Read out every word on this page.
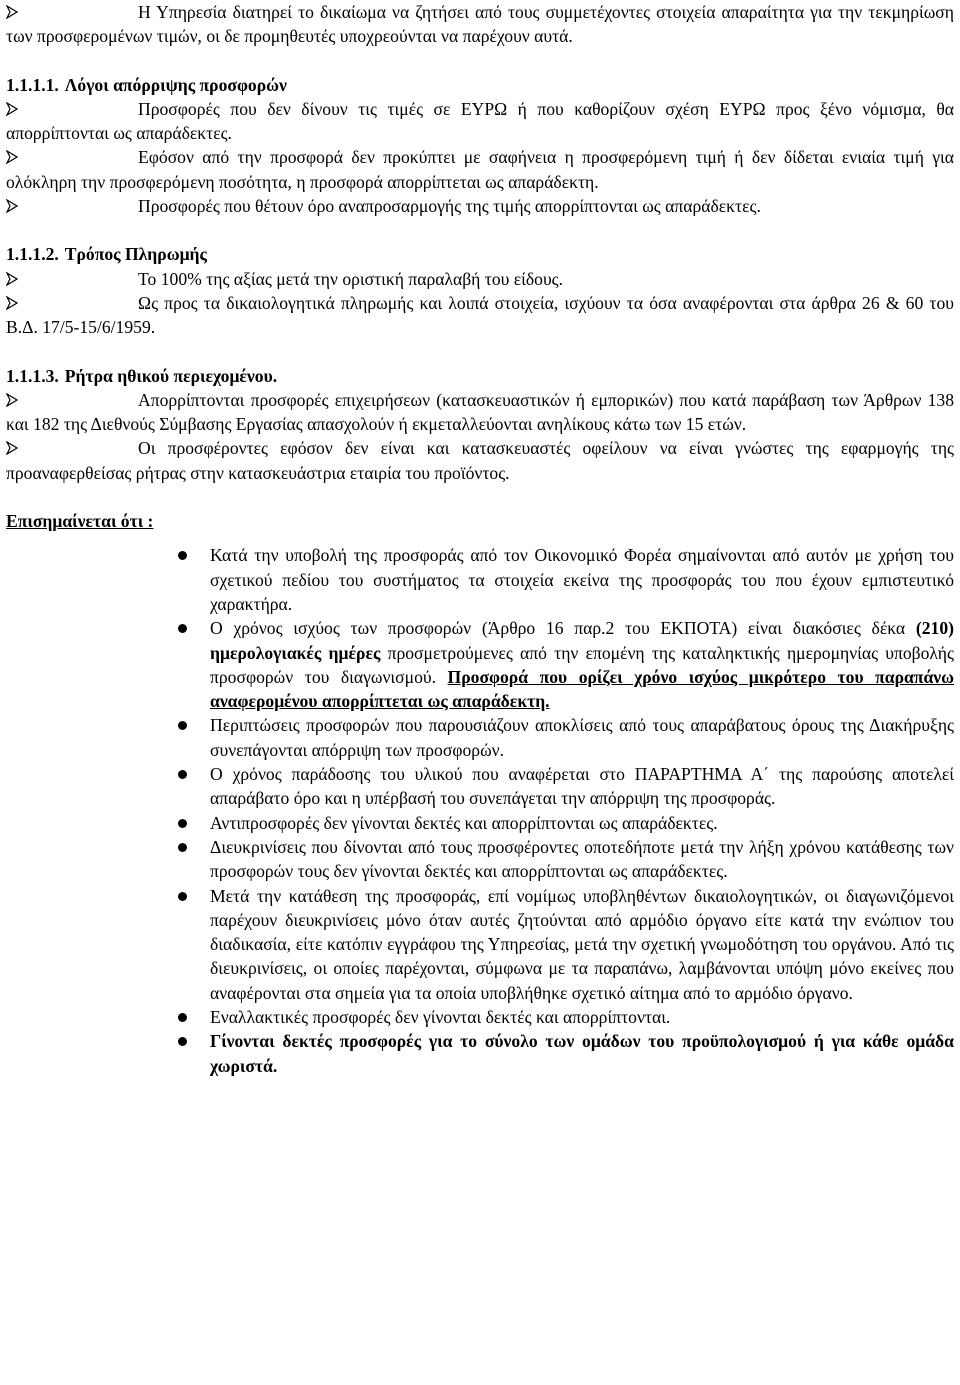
Η Υπηρεσία διατηρεί το δικαίωμα να ζητήσει από τους συμμετέχοντες στοιχεία απαραίτητα για την τεκμηρίωση των προσφερομένων τιμών, οι δε προμηθευτές υποχρεούνται να παρέχουν αυτά.
1.1.1.1. Λόγοι απόρριψης προσφορών
Προσφορές που δεν δίνουν τις τιμές σε ΕΥΡΩ ή που καθορίζουν σχέση ΕΥΡΩ προς ξένο νόμισμα, θα απορρίπτονται ως απαράδεκτες.
Εφόσον από την προσφορά δεν προκύπτει με σαφήνεια η προσφερόμενη τιμή ή δεν δίδεται ενιαία τιμή για ολόκληρη την προσφερόμενη ποσότητα, η προσφορά απορρίπτεται ως απαράδεκτη.
Προσφορές που θέτουν όρο αναπροσαρμογής της τιμής απορρίπτονται ως απαράδεκτες.
1.1.1.2. Τρόπος Πληρωμής
Το 100% της αξίας μετά την οριστική παραλαβή του είδους.
Ως προς τα δικαιολογητικά πληρωμής και λοιπά στοιχεία, ισχύουν τα όσα αναφέρονται στα άρθρα 26 & 60 του Β.Δ. 17/5-15/6/1959.
1.1.1.3. Ρήτρα ηθικού περιεχομένου.
Απορρίπτονται προσφορές επιχειρήσεων (κατασκευαστικών ή εμπορικών) που κατά παράβαση των Άρθρων 138 και 182 της Διεθνούς Σύμβασης Εργασίας απασχολούν ή εκμεταλλεύονται ανηλίκους κάτω των 15 ετών.
Οι προσφέροντες εφόσον δεν είναι και κατασκευαστές οφείλουν να είναι γνώστες της εφαρμογής της προαναφερθείσας ρήτρας στην κατασκευάστρια εταιρία του προϊόντος.
Επισημαίνεται ότι :
Κατά την υποβολή της προσφοράς από τον Οικονομικό Φορέα σημαίνονται από αυτόν με χρήση του σχετικού πεδίου του συστήματος τα στοιχεία εκείνα της προσφοράς του που έχουν εμπιστευτικό χαρακτήρα.
Ο χρόνος ισχύος των προσφορών (Άρθρο 16 παρ.2 του ΕΚΠΟΤΑ) είναι διακόσιες δέκα (210) ημερολογιακές ημέρες προσμετρούμενες από την επομένη της καταληκτικής ημερομηνίας υποβολής προσφορών του διαγωνισμού. Προσφορά που ορίζει χρόνο ισχύος μικρότερο του παραπάνω αναφερομένου απορρίπτεται ως απαράδεκτη.
Περιπτώσεις προσφορών που παρουσιάζουν αποκλίσεις από τους απαράβατους όρους της Διακήρυξης συνεπάγονται απόρριψη των προσφορών.
Ο χρόνος παράδοσης του υλικού που αναφέρεται στο ΠΑΡΑΡΤΗΜΑ Α΄ της παρούσης αποτελεί απαράβατο όρο και η υπέρβασή του συνεπάγεται την απόρριψη της προσφοράς.
Αντιπροσφορές δεν γίνονται δεκτές και απορρίπτονται ως απαράδεκτες.
Διευκρινίσεις που δίνονται από τους προσφέροντες οποτεδήποτε μετά την λήξη χρόνου κατάθεσης των προσφορών τους δεν γίνονται δεκτές και απορρίπτονται ως απαράδεκτες.
Μετά την κατάθεση της προσφοράς, επί νομίμως υποβληθέντων δικαιολογητικών, οι διαγωνιζόμενοι παρέχουν διευκρινίσεις μόνο όταν αυτές ζητούνται από αρμόδιο όργανο είτε κατά την ενώπιον του διαδικασία, είτε κατόπιν εγγράφου της Υπηρεσίας, μετά την σχετική γνωμοδότηση του οργάνου. Από τις διευκρινίσεις, οι οποίες παρέχονται, σύμφωνα με τα παραπάνω, λαμβάνονται υπόψη μόνο εκείνες που αναφέρονται στα σημεία για τα οποία υποβλήθηκε σχετικό αίτημα από το αρμόδιο όργανο.
Εναλλακτικές προσφορές δεν γίνονται δεκτές και απορρίπτονται.
Γίνονται δεκτές προσφορές για το σύνολο των ομάδων του προϋπολογισμού ή για κάθε ομάδα χωριστά.
